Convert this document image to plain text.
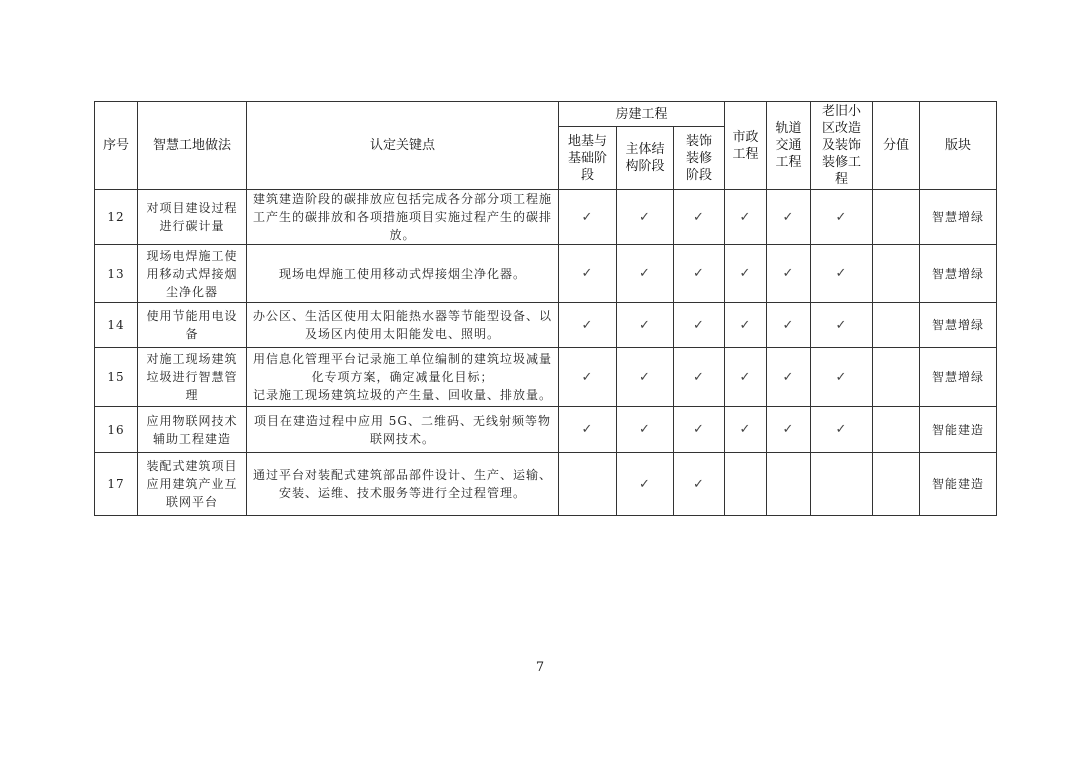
序号	智慧工地做法	认定关键点	房建工程			市政工程	轨道交通工程	老旧小区改造及装饰装修工程	分值	版块
			地基与基础阶段	主体结构阶段	装饰装修阶段					
12	对项目建设过程进行碳计量	建筑建造阶段的碳排放应包括完成各分部分项工程施工产生的碳排放和各项措施项目实施过程产生的碳排放。	✓	✓	✓	✓	✓	✓		智慧增绿
13	现场电焊施工使用移动式焊接烟尘净化器	现场电焊施工使用移动式焊接烟尘净化器。	✓	✓	✓	✓	✓	✓		智慧增绿
14	使用节能用电设备	办公区、生活区使用太阳能热水器等节能型设备、以及场区内使用太阳能发电、照明。	✓	✓	✓	✓	✓	✓		智慧增绿
15	对施工现场建筑垃圾进行智慧管理	用信息化管理平台记录施工单位编制的建筑垃圾减量化专项方案，确定减量化目标；
记录施工现场建筑垃圾的产生量、回收量、排放量。	✓	✓	✓	✓	✓	✓		智慧增绿
16	应用物联网技术辅助工程建造	项目在建造过程中应用 5G、二维码、无线射频等物联网技术。	✓	✓	✓	✓	✓	✓		智能建造
17	装配式建筑项目应用建筑产业互联网平台	通过平台对装配式建筑部品部件设计、生产、运输、安装、运维、技术服务等进行全过程管理。		✓	✓					智能建造
7
